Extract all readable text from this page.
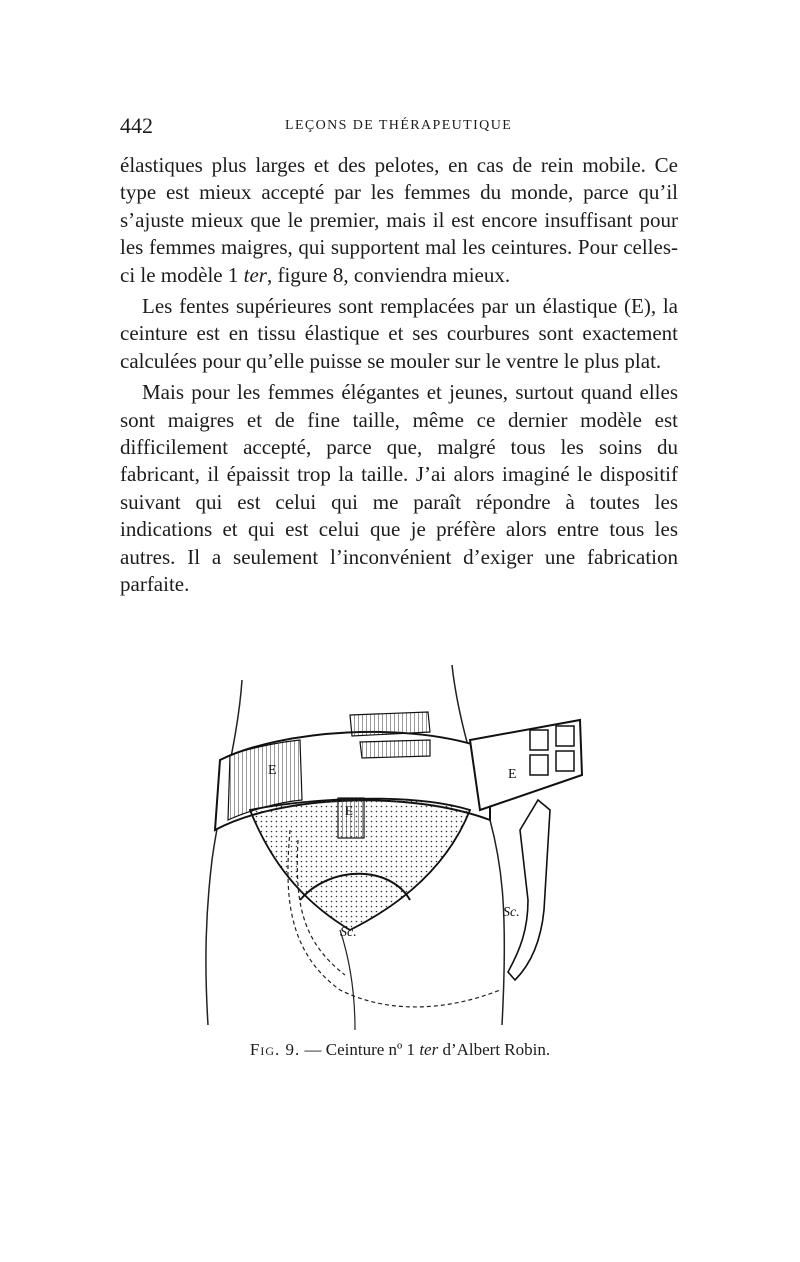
442	LEÇONS DE THÉRAPEUTIQUE

élastiques plus larges et des pelotes, en cas de rein mobile. Ce type est mieux accepté par les femmes du monde, parce qu’il s’ajuste mieux que le premier, mais il est encore insuffisant pour les femmes maigres, qui supportent mal les ceintures. Pour celles-ci le modèle 1 ter, figure 8, conviendra mieux.

Les fentes supérieures sont remplacées par un élastique (E), la ceinture est en tissu élastique et ses courbures sont exactement calculées pour qu’elle puisse se mouler sur le ventre le plus plat.

Mais pour les femmes élégantes et jeunes, surtout quand elles sont maigres et de fine taille, même ce dernier modèle est difficilement accepté, parce que, malgré tous les soins du fabricant, il épaissit trop la taille. J’ai alors imaginé le dispositif suivant qui est celui qui me paraît répondre à toutes les indications et qui est celui que je préfère alors entre tous les autres. Il a seulement l’inconvénient d’exiger une fabrication parfaite.

E
E
E
Sc.
Sc.
Fig. 9. — Ceinture nº 1 ter d’Albert Robin.
